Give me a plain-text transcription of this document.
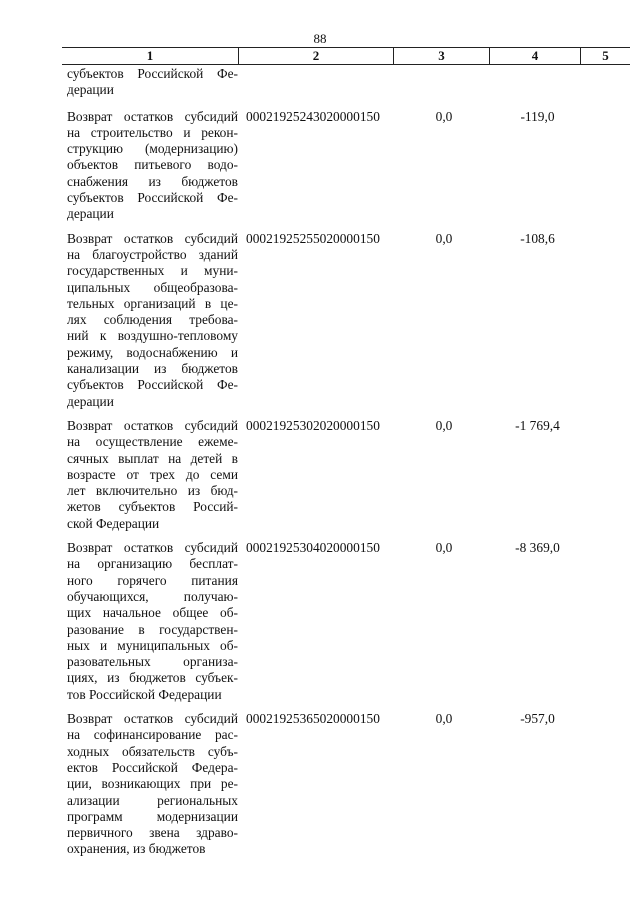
88
1	2	3	4	5
субъектов Российской Фе-
дерации
Возврат остатков субсидий
на строительство и рекон-
струкцию (модернизацию)
объектов питьевого водо-
снабжения из бюджетов
субъектов Российской Фе-
дерации
00021925243020000150	0,0	-119,0
Возврат остатков субсидий
на благоустройство зданий
государственных и муни-
ципальных общеобразова-
тельных организаций в це-
лях соблюдения требова-
ний к воздушно-тепловому
режиму, водоснабжению и
канализации из бюджетов
субъектов Российской Фе-
дерации
00021925255020000150	0,0	-108,6
Возврат остатков субсидий
на осуществление ежеме-
сячных выплат на детей в
возрасте от трех до семи
лет включительно из бюд-
жетов субъектов Россий-
ской Федерации
00021925302020000150	0,0	-1 769,4
Возврат остатков субсидий
на организацию бесплат-
ного горячего питания
обучающихся, получаю-
щих начальное общее об-
разование в государствен-
ных и муниципальных об-
разовательных организа-
циях, из бюджетов субъек-
тов Российской Федерации
00021925304020000150	0,0	-8 369,0
Возврат остатков субсидий
на софинансирование рас-
ходных обязательств субъ-
ектов Российской Федера-
ции, возникающих при ре-
ализации региональных
программ модернизации
первичного звена здраво-
охранения, из бюджетов
00021925365020000150	0,0	-957,0
